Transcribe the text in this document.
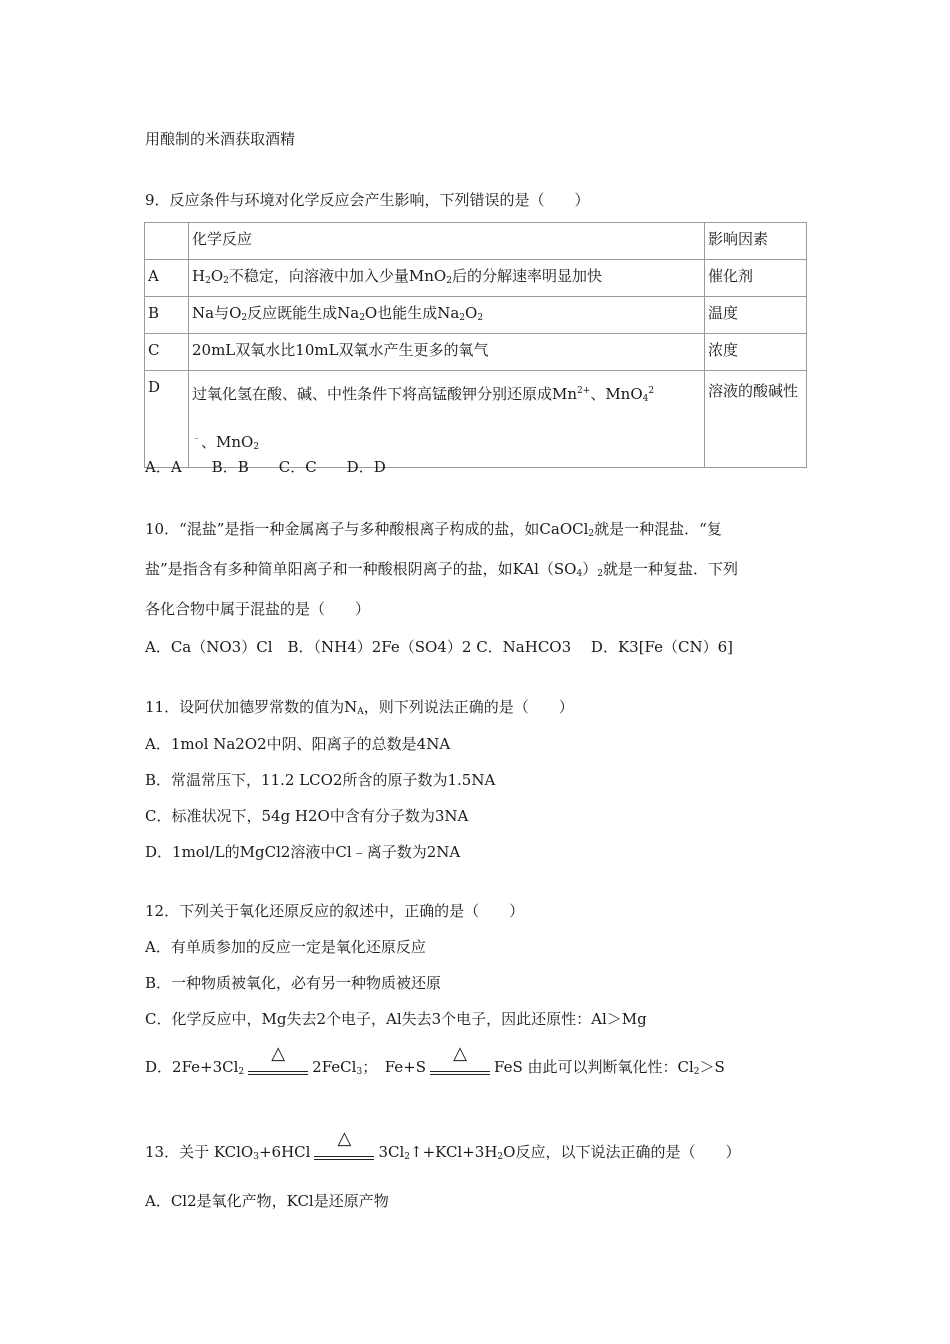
用酿制的米酒获取酒精
9．反应条件与环境对化学反应会产生影响，下列错误的是（　　）
	化学反应	影响因素
A	$H_2O_2$不稳定，向溶液中加入少量MnO$_2$后的分解速率明显加快	催化剂
B	Na与$O_2$反应既能生成$Na_2O$也能生成$Na_2O_2$	温度
C	20mL双氧水比10mL双氧水产生更多的氧气	浓度
D	过氧化氢在酸、碱、中性条件下将高锰酸钾分别还原成$Mn^{2+}$、MnO$_4^2$
﹣、MnO$_2$	溶液的酸碱性
A．A　　B．B　　C．C　　D．D
10．“混盐”是指一种金属离子与多种酸根离子构成的盐，如CaOCl$_2$就是一种混盐．“复
盐”是指含有多种简单阳离子和一种酸根阴离子的盐，如$KAl(SO_4)_2$就是一种复盐．下列
各化合物中属于混盐的是（　　）
A．Ca（NO3）Cl　B．（NH4）2Fe（SO4）2 C．NaHCO3　 D．K3[Fe（CN）6]
11．设阿伏加德罗常数的值为$N_A$，则下列说法正确的是（　　）
A．1mol Na2O2中阴、阳离子的总数是4NA
B．常温常压下，11.2 LCO2所含的原子数为1.5NA
C．标准状况下，54g H2O中含有分子数为3NA
D．1mol/L的MgCl2溶液中Cl﹣离子数为2NA
12．下列关于氧化还原反应的叙述中，正确的是（　　）
A．有单质参加的反应一定是氧化还原反应
B．一种物质被氧化，必有另一种物质被还原
C．化学反应中，Mg失去2个电子，Al失去3个电子，因此还原性：Al＞Mg
D．$2Fe+3Cl_2$
△
2FeCl$_3$；　Fe+S
△
FeS 由此可以判断氧化性：$Cl_2>S$
13．关于 KClO$_3$+6HCl
△
$3Cl_2↑+KCl+3H_2O$反应，以下说法正确的是（　　）
A．Cl2是氧化产物，KCl是还原产物
